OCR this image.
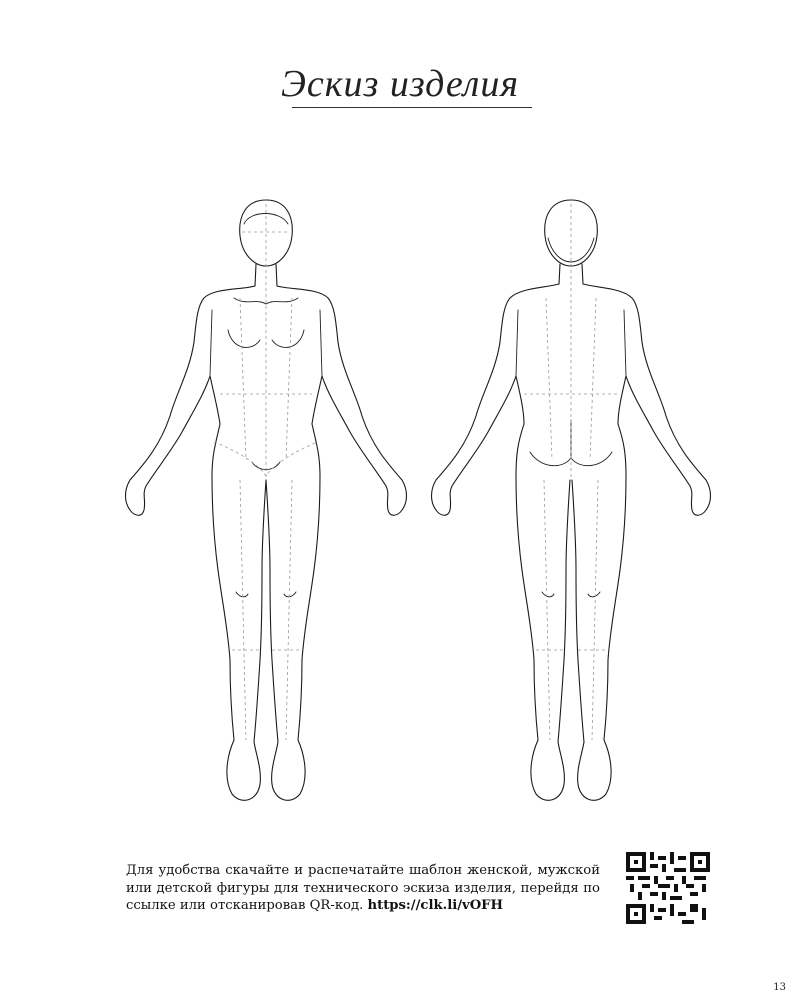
Эскиз изделия
Для удобства скачайте и распечатайте шаблон женской, мужской или детской фигуры для технического эскиза изделия, перейдя по ссылке или отсканировав QR-код. https://clk.li/vOFH
13
